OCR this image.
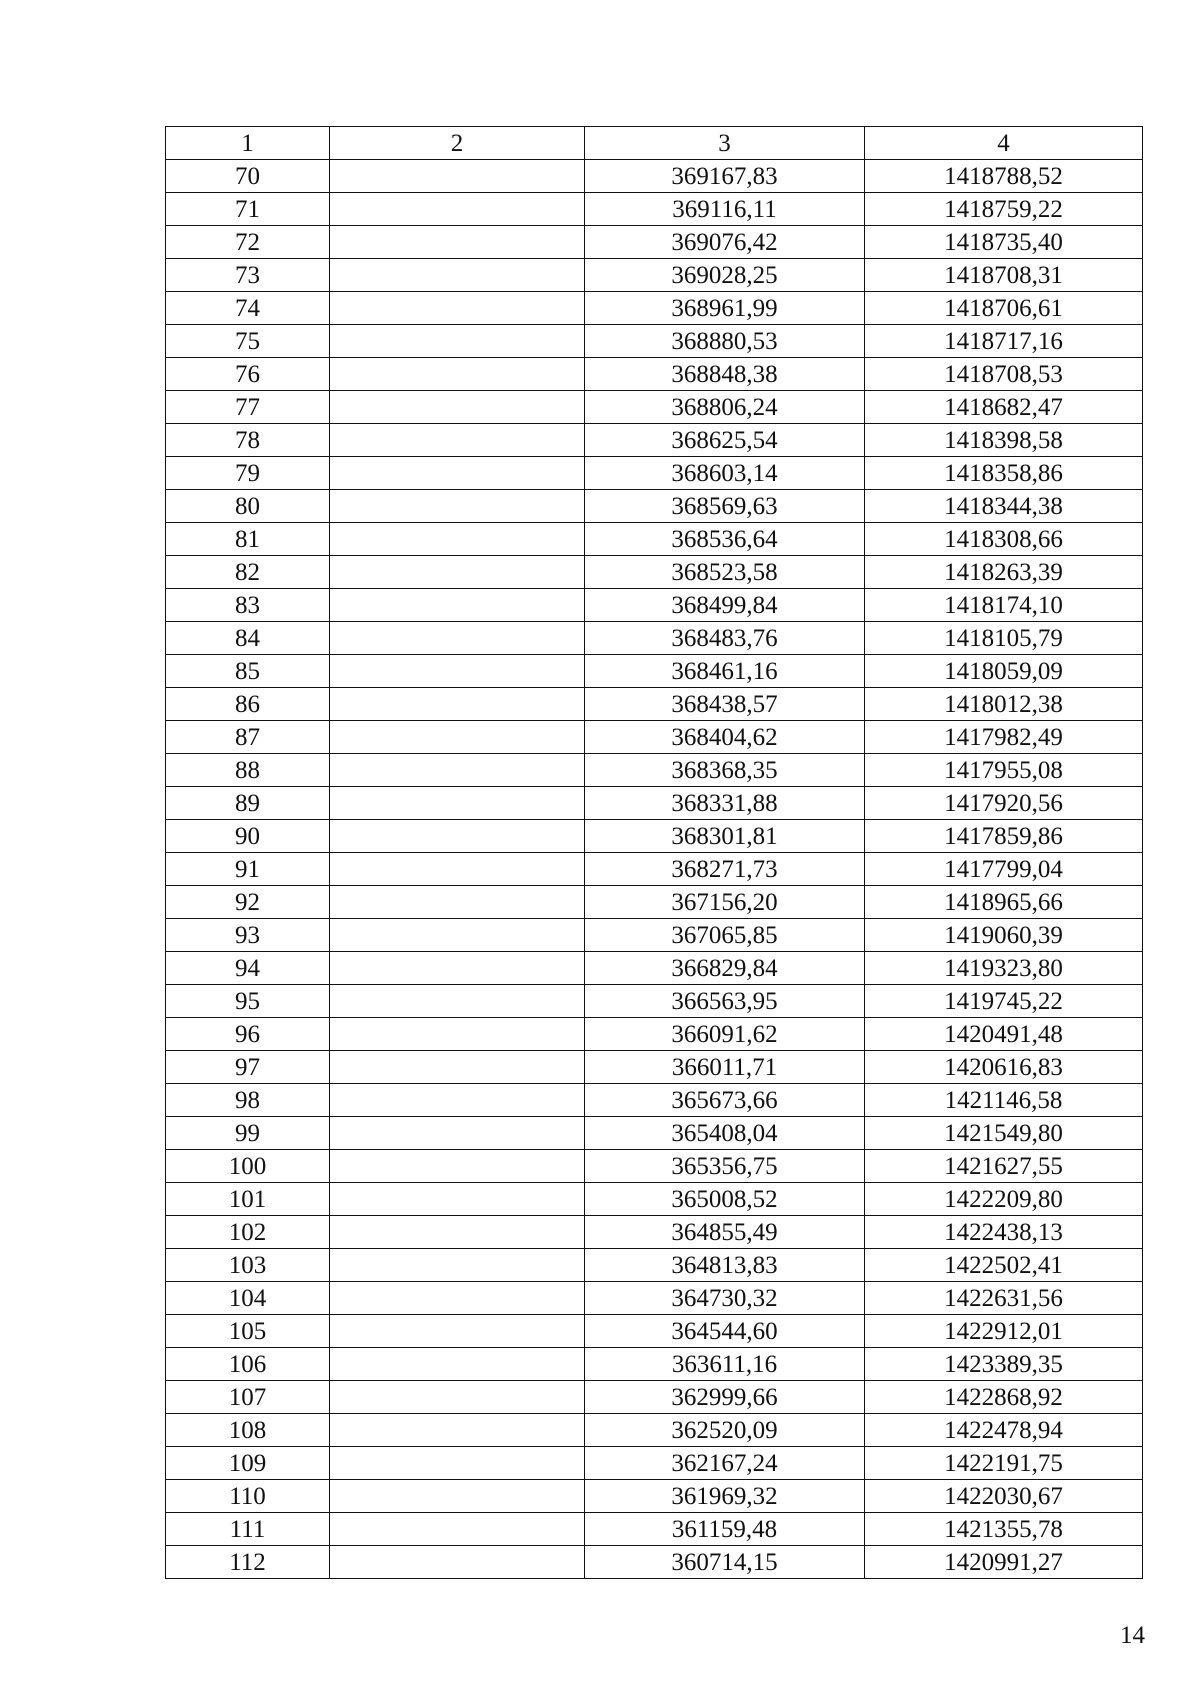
1	2	3	4
70		369167,83	1418788,52
71		369116,11	1418759,22
72		369076,42	1418735,40
73		369028,25	1418708,31
74		368961,99	1418706,61
75		368880,53	1418717,16
76		368848,38	1418708,53
77		368806,24	1418682,47
78		368625,54	1418398,58
79		368603,14	1418358,86
80		368569,63	1418344,38
81		368536,64	1418308,66
82		368523,58	1418263,39
83		368499,84	1418174,10
84		368483,76	1418105,79
85		368461,16	1418059,09
86		368438,57	1418012,38
87		368404,62	1417982,49
88		368368,35	1417955,08
89		368331,88	1417920,56
90		368301,81	1417859,86
91		368271,73	1417799,04
92		367156,20	1418965,66
93		367065,85	1419060,39
94		366829,84	1419323,80
95		366563,95	1419745,22
96		366091,62	1420491,48
97		366011,71	1420616,83
98		365673,66	1421146,58
99		365408,04	1421549,80
100		365356,75	1421627,55
101		365008,52	1422209,80
102		364855,49	1422438,13
103		364813,83	1422502,41
104		364730,32	1422631,56
105		364544,60	1422912,01
106		363611,16	1423389,35
107		362999,66	1422868,92
108		362520,09	1422478,94
109		362167,24	1422191,75
110		361969,32	1422030,67
111		361159,48	1421355,78
112		360714,15	1420991,27
14
